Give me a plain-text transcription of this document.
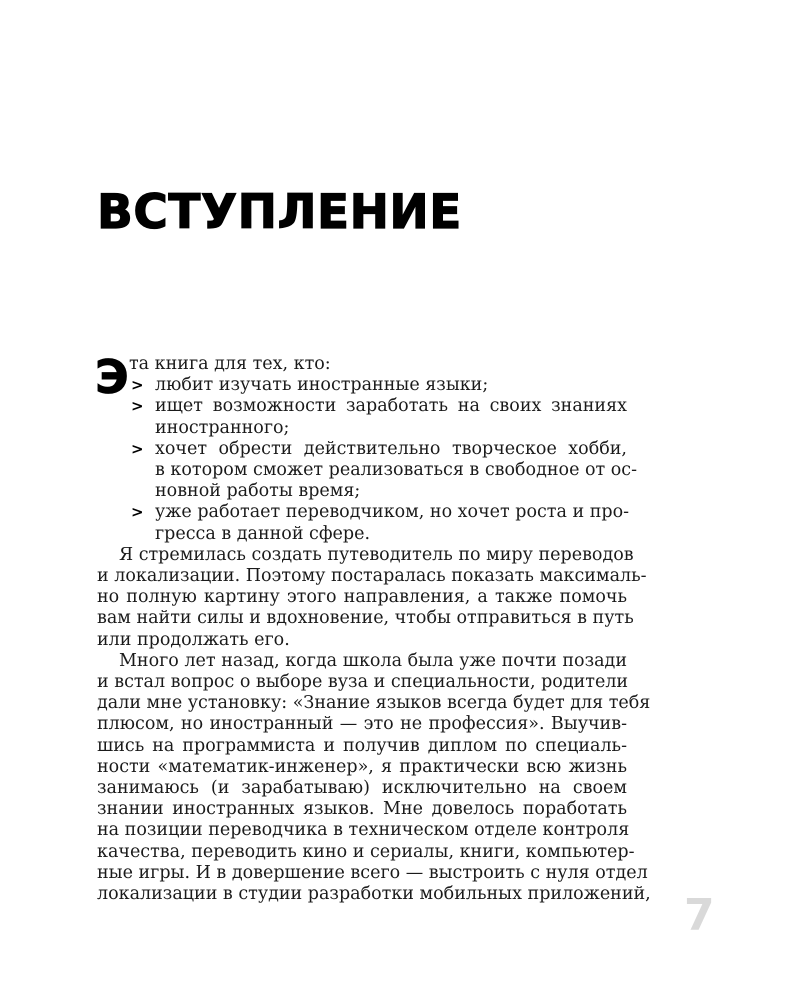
ВСТУПЛЕНИЕ
Э та книга для тех, кто:
> любит изучать иностранные языки;
> ищет возможности заработать на своих знаниях
иностранного;
> хочет обрести действительно творческое хобби,
в котором сможет реализоваться в свободное от ос-
новной работы время;
> уже работает переводчиком, но хочет роста и про-
гресса в данной сфере.
Я стремилась создать путеводитель по миру переводов
и локализации. Поэтому постаралась показать максималь-
но полную картину этого направления, а также помочь
вам найти силы и вдохновение, чтобы отправиться в путь
или продолжать его.
Много лет назад, когда школа была уже почти позади
и встал вопрос о выборе вуза и специальности, родители
дали мне установку: «Знание языков всегда будет для тебя
плюсом, но иностранный — это не профессия». Выучив-
шись на программиста и получив диплом по специаль-
ности «математик-инженер», я практически всю жизнь
занимаюсь (и зарабатываю) исключительно на своем
знании иностранных языков. Мне довелось поработать
на позиции переводчика в техническом отделе контроля
качества, переводить кино и сериалы, книги, компьютер-
ные игры. И в довершение всего — выстроить с нуля отдел
локализации в студии разработки мобильных приложений, 7
